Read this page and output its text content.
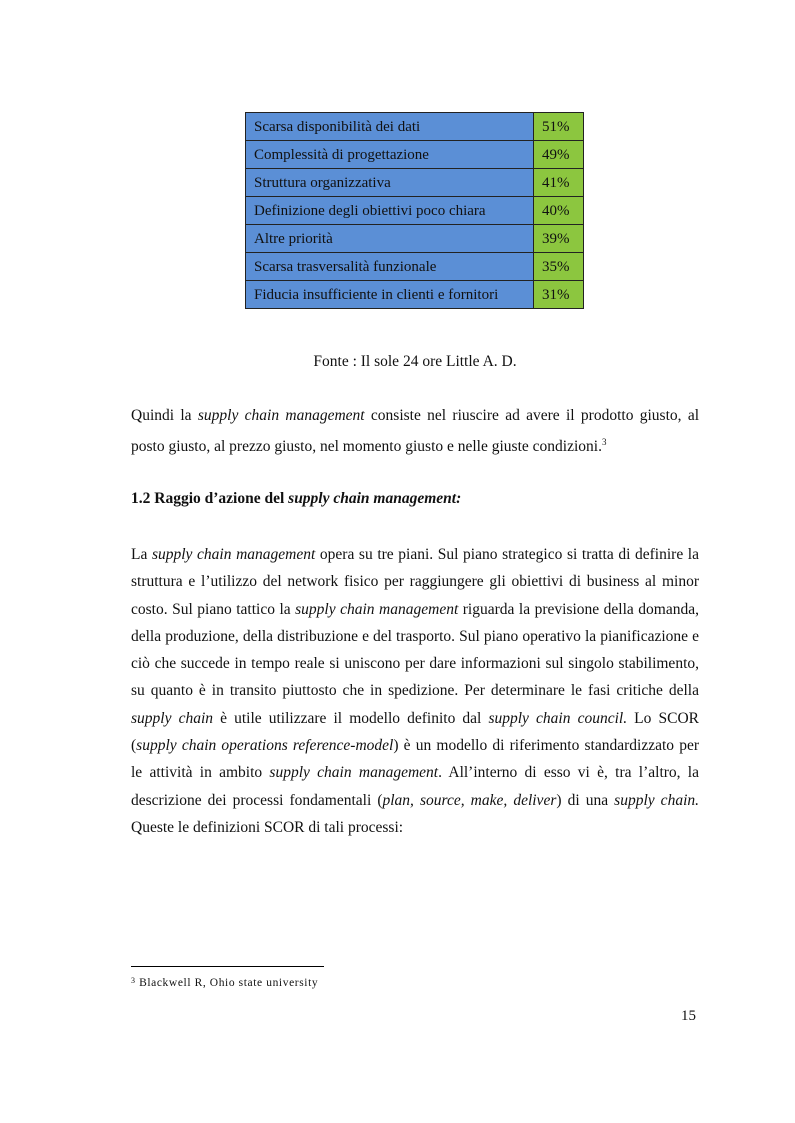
Scarsa disponibilità dei dati	51%
Complessità di progettazione	49%
Struttura organizzativa	41%
Definizione degli obiettivi poco chiara	40%
Altre priorità	39%
Scarsa trasversalità funzionale	35%
Fiducia insufficiente in clienti e fornitori	31%
Fonte : Il sole 24 ore Little A. D.

Quindi la supply chain management consiste nel riuscire ad avere il prodotto giusto, al posto giusto, al prezzo giusto, nel momento giusto e nelle giuste condizioni.$^3$

1.2 Raggio d’azione del supply chain management:

La supply chain management opera su tre piani. Sul piano strategico si tratta di definire la struttura e l’utilizzo del network fisico per raggiungere gli obiettivi di business al minor costo. Sul piano tattico la supply chain management riguarda la previsione della domanda, della produzione, della distribuzione e del trasporto. Sul piano operativo la pianificazione e ciò che succede in tempo reale si uniscono per dare informazioni sul singolo stabilimento, su quanto è in transito piuttosto che in spedizione. Per determinare le fasi critiche della supply chain è utile utilizzare il modello definito dal supply chain council. Lo SCOR (supply chain operations reference-model) è un modello di riferimento standardizzato per le attività in ambito supply chain management. All’interno di esso vi è, tra l’altro, la descrizione dei processi fondamentali (plan, source, make, deliver) di una supply chain. Queste le definizioni SCOR di tali processi:

$^3$ Blackwell R, Ohio state university
15
